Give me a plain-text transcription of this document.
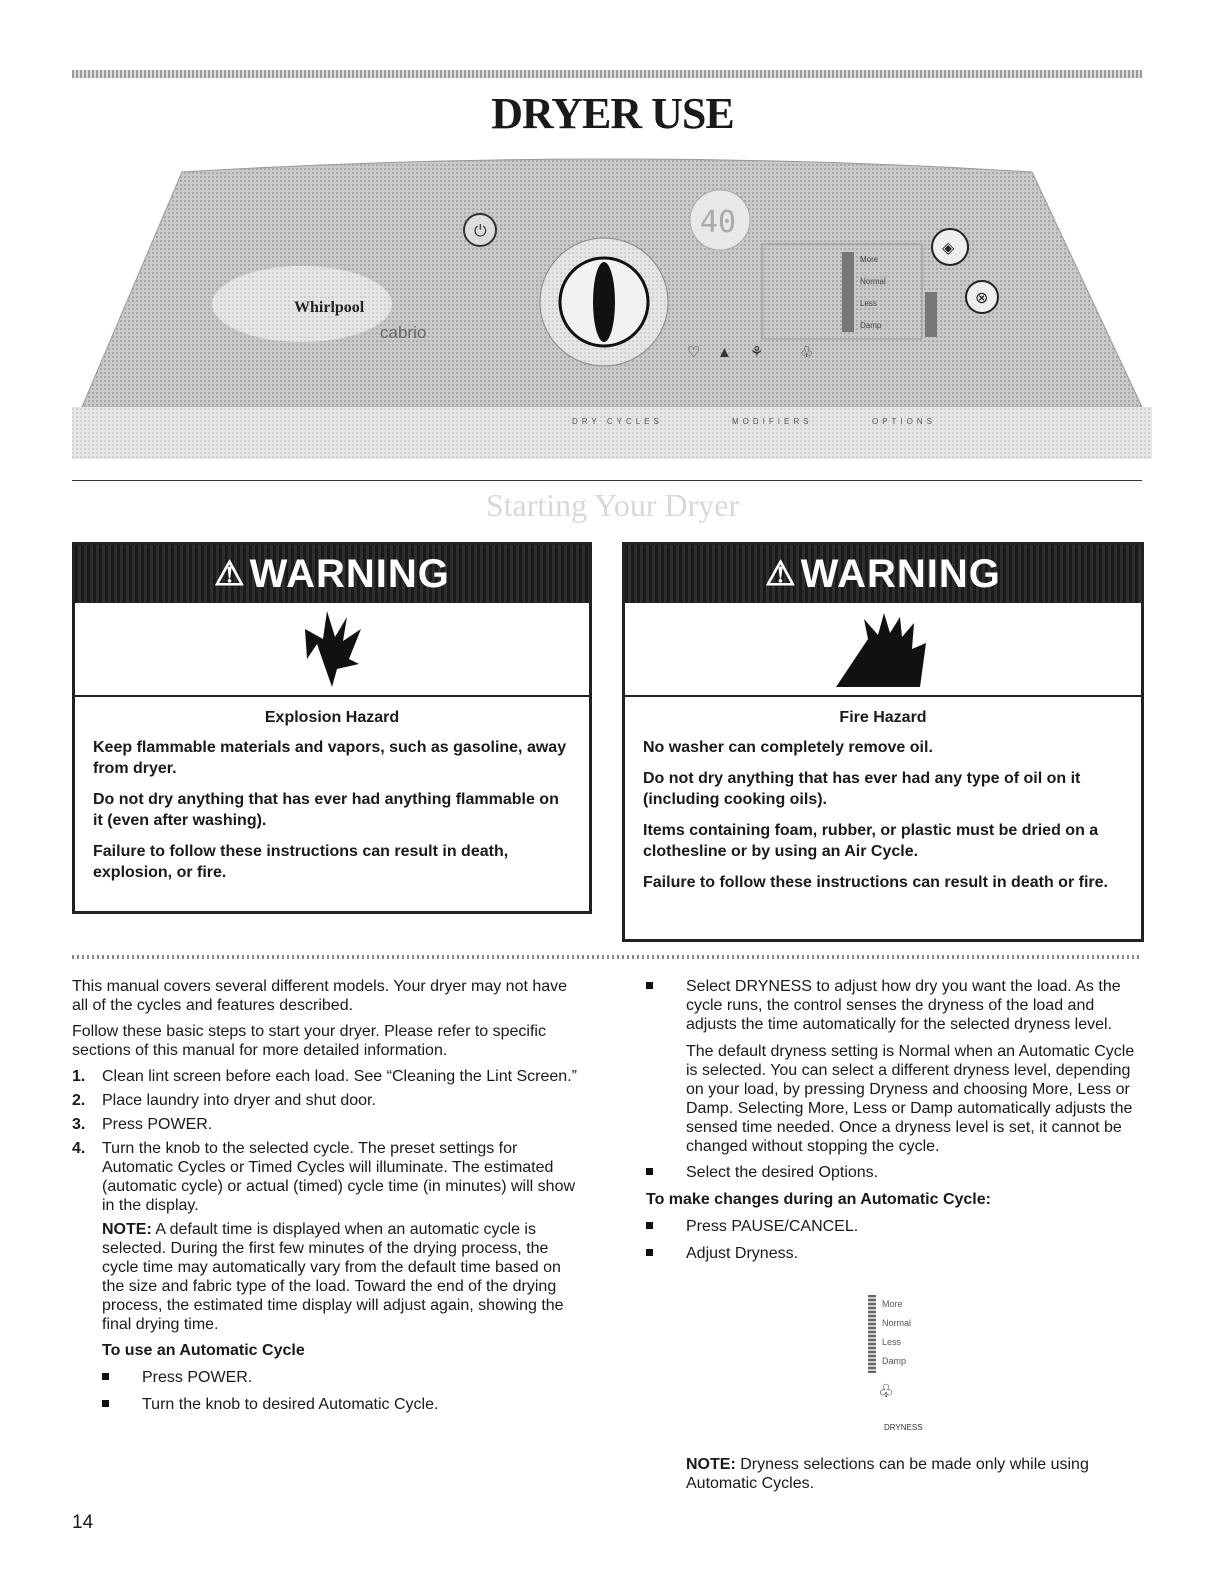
DRYER USE
Whirlpool
cabrio
⏻	40
More
Normal
Less
Damp
◈
⊗
♡ ▲ ⚘ ♧
DRY CYCLES	MODIFIERS	OPTIONS
Starting Your Dryer
⚠ WARNING
Explosion Hazard

Keep flammable materials and vapors, such as gasoline, away from dryer.

Do not dry anything that has ever had anything flammable on it (even after washing).

Failure to follow these instructions can result in death, explosion, or fire.

⚠ WARNING
Fire Hazard

No washer can completely remove oil.

Do not dry anything that has ever had any type of oil on it (including cooking oils).

Items containing foam, rubber, or plastic must be dried on a clothesline or by using an Air Cycle.

Failure to follow these instructions can result in death or fire.

This manual covers several different models. Your dryer may not have all of the cycles and features described.

Follow these basic steps to start your dryer. Please refer to specific sections of this manual for more detailed information.

1. Clean lint screen before each load. See “Cleaning the Lint Screen.”
2. Place laundry into dryer and shut door.
3. Press POWER.
4. Turn the knob to the selected cycle. The preset settings for Automatic Cycles or Timed Cycles will illuminate. The estimated (automatic cycle) or actual (timed) cycle time (in minutes) will show in the display.

NOTE: A default time is displayed when an automatic cycle is selected. During the first few minutes of the drying process, the cycle time may automatically vary from the default time based on the size and fabric type of the load. Toward the end of the drying process, the estimated time display will adjust again, showing the final drying time.

To use an Automatic Cycle
Press POWER.
Turn the knob to desired Automatic Cycle.
Select DRYNESS to adjust how dry you want the load. As the cycle runs, the control senses the dryness of the load and adjusts the time automatically for the selected dryness level.

The default dryness setting is Normal when an Automatic Cycle is selected. You can select a different dryness level, depending on your load, by pressing Dryness and choosing More, Less or Damp. Selecting More, Less or Damp automatically adjusts the sensed time needed. Once a dryness level is set, it cannot be changed without stopping the cycle.

Select the desired Options.
To make changes during an Automatic Cycle:
Press PAUSE/CANCEL.
Adjust Dryness.
More
Normal
Less
Damp
♧
DRYNESS
NOTE: Dryness selections can be made only while using Automatic Cycles.
14
